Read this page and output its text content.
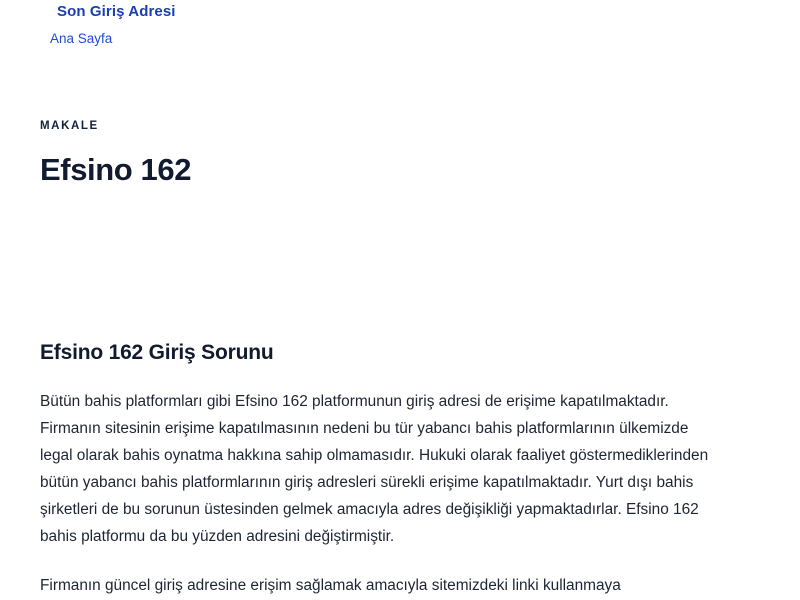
Son Giriş Adresi
Ana Sayfa
MAKALE
Efsino 162
Efsino 162 Giriş Sorunu

Bütün bahis platformları gibi Efsino 162 platformunun giriş adresi de erişime kapatılmaktadır. Firmanın sitesinin erişime kapatılmasının nedeni bu tür yabancı bahis platformlarının ülkemizde legal olarak bahis oynatma hakkına sahip olmamasıdır. Hukuki olarak faaliyet göstermediklerinden bütün yabancı bahis platformlarının giriş adresleri sürekli erişime kapatılmaktadır. Yurt dışı bahis şirketleri de bu sorunun üstesinden gelmek amacıyla adres değişikliği yapmaktadırlar. Efsino 162 bahis platformu da bu yüzden adresini değiştirmiştir.

Firmanın güncel giriş adresine erişim sağlamak amacıyla sitemizdeki linki kullanmaya
